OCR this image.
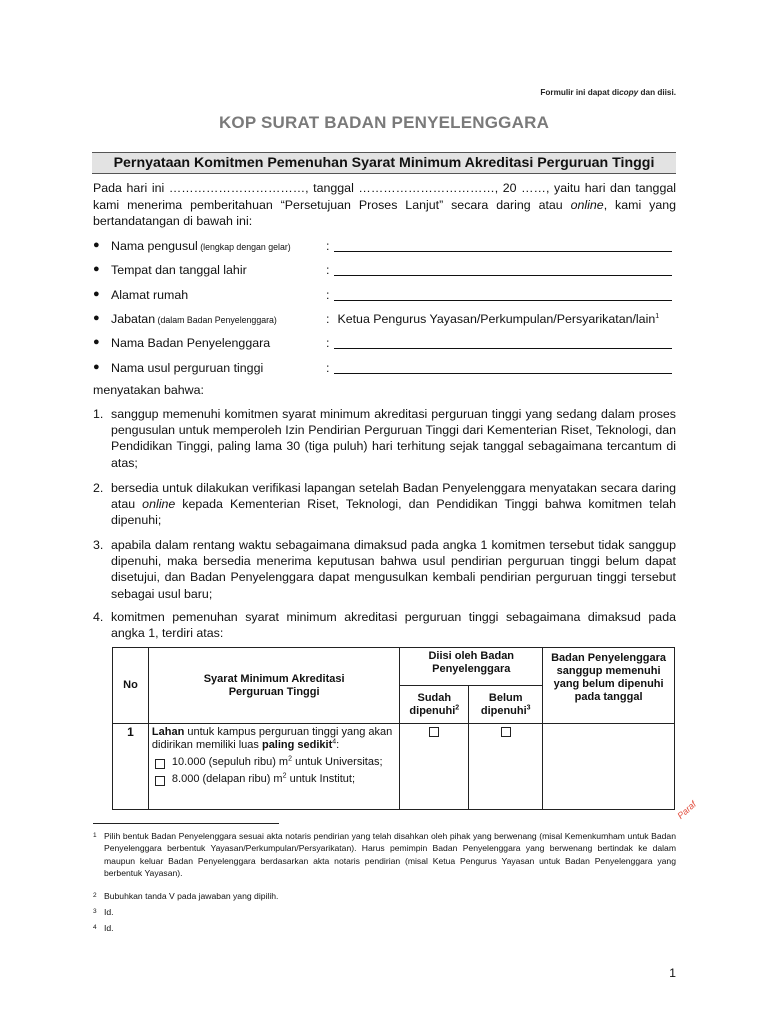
Formulir ini dapat dicopy dan diisi.
KOP SURAT BADAN PENYELENGGARA
Pernyataan Komitmen Pemenuhan Syarat Minimum Akreditasi Perguruan Tinggi
Pada hari ini ……………………………, tanggal ……………………………, 20 ……, yaitu hari dan tanggal kami menerima pemberitahuan “Persetujuan Proses Lanjut” secara daring atau online, kami yang bertandatangan di bawah ini:
● Nama pengusul (lengkap dengan gelar)	:
● Tempat dan tanggal lahir	:
● Alamat rumah	:
● Jabatan (dalam Badan Penyelenggara)	: Ketua Pengurus Yayasan/Perkumpulan/Persyarikatan/lain$^1$
● Nama Badan Penyelenggara	:
● Nama usul perguruan tinggi	:
menyatakan bahwa:
1. sanggup memenuhi komitmen syarat minimum akreditasi perguruan tinggi yang sedang dalam proses pengusulan untuk memperoleh Izin Pendirian Perguruan Tinggi dari Kementerian Riset, Teknologi, dan Pendidikan Tinggi, paling lama 30 (tiga puluh) hari terhitung sejak tanggal sebagaimana tercantum di atas;
2. bersedia untuk dilakukan verifikasi lapangan setelah Badan Penyelenggara menyatakan secara daring atau online kepada Kementerian Riset, Teknologi, dan Pendidikan Tinggi bahwa komitmen telah dipenuhi;
3. apabila dalam rentang waktu sebagaimana dimaksud pada angka 1 komitmen tersebut tidak sanggup dipenuhi, maka bersedia menerima keputusan bahwa usul pendirian perguruan tinggi belum dapat disetujui, dan Badan Penyelenggara dapat mengusulkan kembali pendirian perguruan tinggi tersebut sebagai usul baru;
4. komitmen pemenuhan syarat minimum akreditasi perguruan tinggi sebagaimana dimaksud pada angka 1, terdiri atas:
No	Syarat Minimum Akreditasi Perguruan Tinggi	Diisi oleh Badan Penyelenggara		Badan Penyelenggara sanggup memenuhi yang belum dipenuhi pada tanggal
		Sudah dipenuhi$^2$	Belum dipenuhi$^3$
1	Lahan untuk kampus perguruan tinggi yang akan didirikan memiliki luas paling sedikit$^4$:
10.000 (sepuluh ribu) $m^2$ untuk Universitas;
8.000 (delapan ribu) $m^2$ untuk Institut;			

Paraf
1 Pilih bentuk Badan Penyelenggara sesuai akta notaris pendirian yang telah disahkan oleh pihak yang berwenang (misal Kemenkumham untuk Badan Penyelenggara berbentuk Yayasan/Perkumpulan/Persyarikatan). Harus pemimpin Badan Penyelenggara yang berwenang bertindak ke dalam maupun keluar Badan Penyelenggara berdasarkan akta notaris pendirian (misal Ketua Pengurus Yayasan untuk Badan Penyelenggara yang berbentuk Yayasan).
2 Bubuhkan tanda V pada jawaban yang dipilih.
3 Id.
4 Id.
1
